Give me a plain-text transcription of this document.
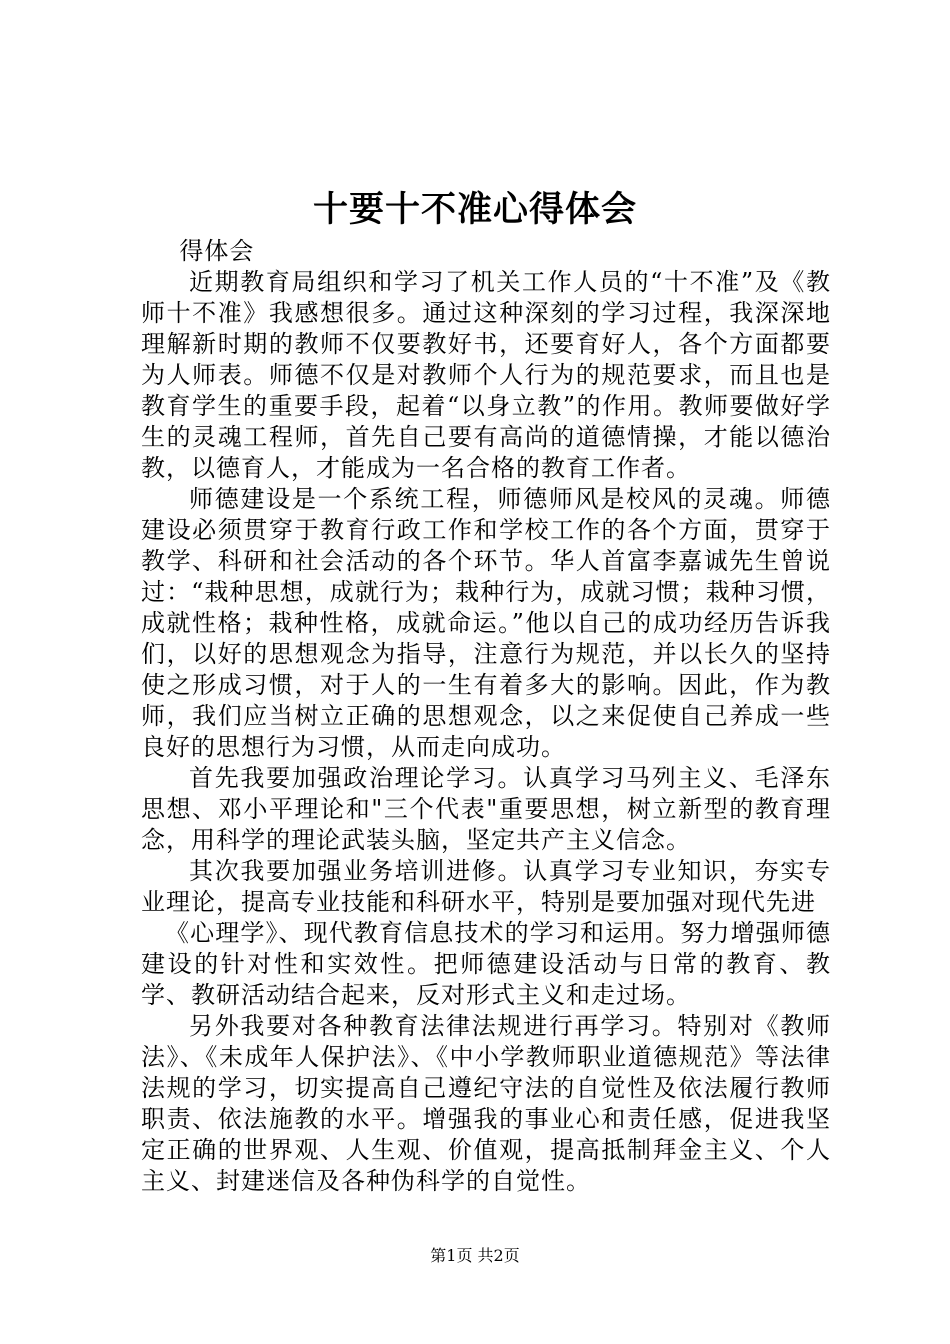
十要十不准心得体会

得体会

近期教育局组织和学习了机关工作人员的“十不准”及《教师十不准》我感想很多。通过这种深刻的学习过程，我深深地理解新时期的教师不仅要教好书，还要育好人，各个方面都要为人师表。师德不仅是对教师个人行为的规范要求，而且也是教育学生的重要手段，起着“以身立教”的作用。教师要做好学生的灵魂工程师，首先自己要有高尚的道德情操，才能以德治教，以德育人，才能成为一名合格的教育工作者。

师德建设是一个系统工程，师德师风是校风的灵魂。师德建设必须贯穿于教育行政工作和学校工作的各个方面，贯穿于教学、科研和社会活动的各个环节。华人首富李嘉诚先生曾说过：“栽种思想，成就行为；栽种行为，成就习惯；栽种习惯，成就性格；栽种性格，成就命运。”他以自己的成功经历告诉我们，以好的思想观念为指导，注意行为规范，并以长久的坚持使之形成习惯，对于人的一生有着多大的影响。因此，作为教师，我们应当树立正确的思想观念，以之来促使自己养成一些良好的思想行为习惯，从而走向成功。

首先我要加强政治理论学习。认真学习马列主义、毛泽东思想、邓小平理论和"三个代表"重要思想，树立新型的教育理念，用科学的理论武装头脑，坚定共产主义信念。

其次我要加强业务培训进修。认真学习专业知识，夯实专业理论，提高专业技能和科研水平，特别是要加强对现代先进

《心理学》、现代教育信息技术的学习和运用。努力增强师德建设的针对性和实效性。把师德建设活动与日常的教育、教学、教研活动结合起来，反对形式主义和走过场。

另外我要对各种教育法律法规进行再学习。特别对《教师法》、《未成年人保护法》、《中小学教师职业道德规范》等法律法规的学习，切实提高自己遵纪守法的自觉性及依法履行教师职责、依法施教的水平。增强我的事业心和责任感，促进我坚定正确的世界观、人生观、价值观，提高抵制拜金主义、个人主义、封建迷信及各种伪科学的自觉性。

第1页 共2页
